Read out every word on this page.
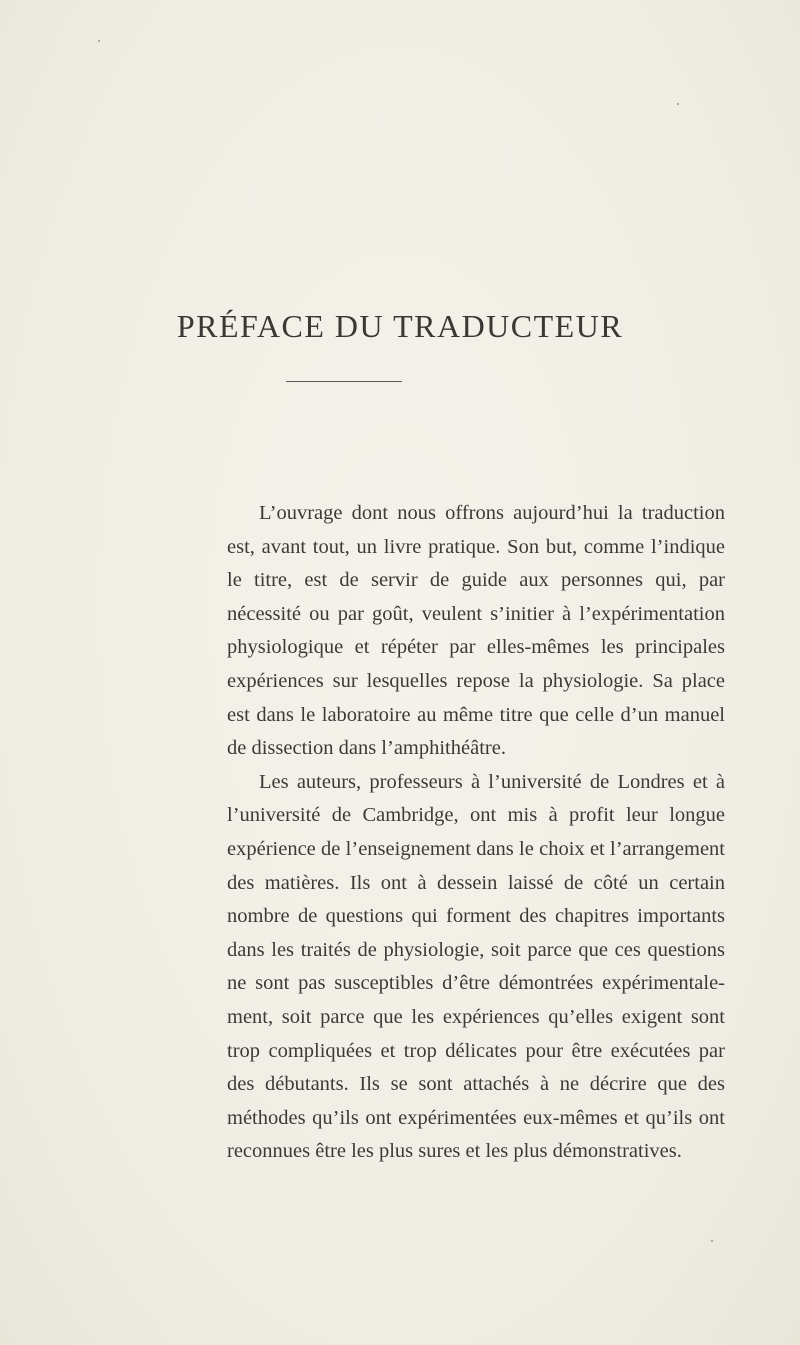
PRÉFACE DU TRADUCTEUR

L’ouvrage dont nous offrons aujourd’hui la traduction est, avant tout, un livre pratique. Son but, comme l’indique le titre, est de servir de guide aux personnes qui, par nécessité ou par goût, veulent s’initier à l’expérimentation physiologique et répéter par elles-mêmes les principales expériences sur lesquelles repose la physiologie. Sa place est dans le laboratoire au même titre que celle d’un manuel de dissection dans l’amphithéâtre.

Les auteurs, professeurs à l’université de Londres et à l’université de Cambridge, ont mis à profit leur longue expérience de l’enseignement dans le choix et l’arrangement des matières. Ils ont à dessein laissé de côté un certain nombre de questions qui forment des chapitres importants dans les traités de physiologie, soit parce que ces questions ne sont pas susceptibles d’être démontrées expérimentalement, soit parce que les expériences qu’elles exigent sont trop compliquées et trop délicates pour être exécutées par des débutants. Ils se sont attachés à ne décrire que des méthodes qu’ils ont expérimentées eux-mêmes et qu’ils ont reconnues être les plus sures et les plus démonstratives.
